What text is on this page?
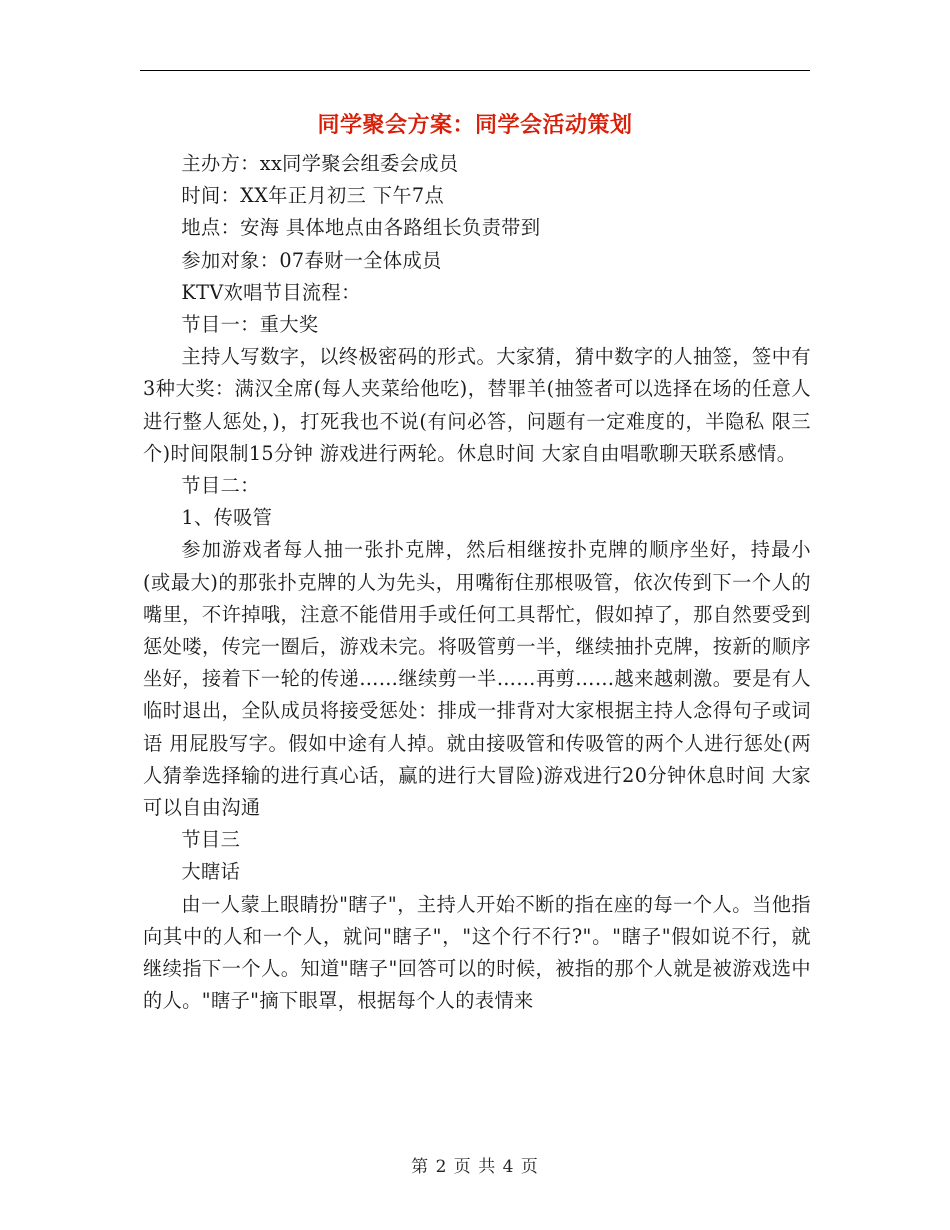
同学聚会方案：同学会活动策划

主办方：xx同学聚会组委会成员

时间：XX年正月初三 下午7点

地点：安海 具体地点由各路组长负责带到

参加对象：07春财一全体成员

KTV欢唱节目流程：

节目一：重大奖

主持人写数字，以终极密码的形式。大家猜，猜中数字的人抽签，签中有3种大奖：满汉全席(每人夹菜给他吃)，替罪羊(抽签者可以选择在场的任意人进行整人惩处，)，打死我也不说(有问必答，问题有一定难度的，半隐私 限三个)时间限制15分钟 游戏进行两轮。休息时间 大家自由唱歌聊天联系感情。

节目二：

1、传吸管

参加游戏者每人抽一张扑克牌，然后相继按扑克牌的顺序坐好，持最小(或最大)的那张扑克牌的人为先头，用嘴衔住那根吸管，依次传到下一个人的嘴里，不许掉哦，注意不能借用手或任何工具帮忙，假如掉了，那自然要受到惩处喽，传完一圈后，游戏未完。将吸管剪一半，继续抽扑克牌，按新的顺序坐好，接着下一轮的传递……继续剪一半……再剪……越来越刺激。要是有人临时退出，全队成员将接受惩处：排成一排背对大家根据主持人念得句子或词语 用屁股写字。假如中途有人掉。就由接吸管和传吸管的两个人进行惩处(两人猜拳选择输的进行真心话，赢的进行大冒险)游戏进行20分钟休息时间 大家可以自由沟通

节目三

大瞎话

由一人蒙上眼睛扮"瞎子"，主持人开始不断的指在座的每一个人。当他指向其中的人和一个人，就问"瞎子"，"这个行不行?"。"瞎子"假如说不行，就继续指下一个人。知道"瞎子"回答可以的时候，被指的那个人就是被游戏选中的人。"瞎子"摘下眼罩，根据每个人的表情来

第 2 页 共 4 页
